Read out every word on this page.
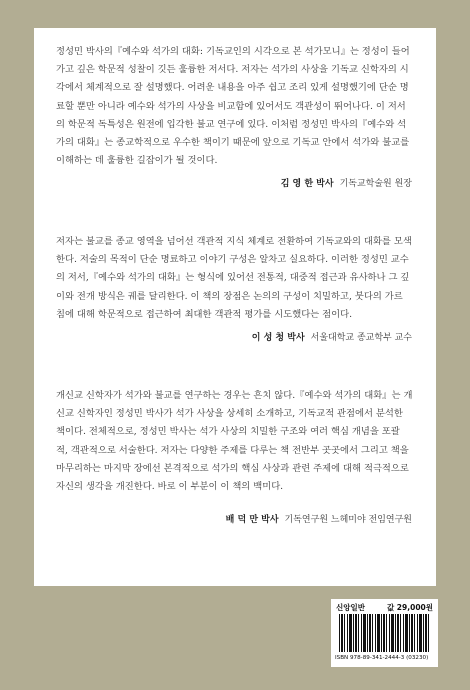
정성민 박사의『예수와 석가의 대화: 기독교인의 시각으로 본 석가모니』는 정성이 들어
가고 깊은 학문적 성찰이 깃든 훌륭한 저서다. 저자는 석가의 사상을 기독교 신학자의 시
각에서 체계적으로 잘 설명했다. 어려운 내용을 아주 쉽고 조리 있게 설명했기에 단순 명
료할 뿐만 아니라 예수와 석가의 사상을 비교함에 있어서도 객관성이 뛰어나다. 이 저서
의 학문적 독특성은 원전에 입각한 불교 연구에 있다. 이처럼 정성민 박사의『예수와 석
가의 대화』는 종교학적으로 우수한 책이기 때문에 앞으로 기독교 안에서 석가와 불교를
이해하는 데 훌륭한 길잡이가 될 것이다.

김 영 한 박사 기독교학술원 원장

저자는 불교를 종교 영역을 넘어선 객관적 지식 체계로 전환하여 기독교와의 대화를 모색
한다. 저술의 목적이 단순 명료하고 이야기 구성은 알차고 실요하다. 이러한 정성민 교수
의 저서,『예수와 석가의 대화』는 형식에 있어선 전통적, 대중적 접근과 유사하나 그 깊
이와 전개 방식은 궤를 달리한다. 이 책의 장점은 논의의 구성이 치밀하고, 붓다의 가르
침에 대해 학문적으로 접근하여 최대한 객관적 평가를 시도했다는 점이다.

이 성 청 박사 서울대학교 종교학부 교수

개신교 신학자가 석가와 불교를 연구하는 경우는 흔치 않다.『예수와 석가의 대화』는 개
신교 신학자인 정성민 박사가 석가 사상을 상세히 소개하고, 기독교적 관점에서 분석한
책이다. 전체적으로, 정성민 박사는 석가 사상의 치밀한 구조와 여러 핵심 개념을 포괄
적, 객관적으로 서술한다. 저자는 다양한 주제를 다루는 책 전반부 곳곳에서 그리고 책을
마무리하는 마지막 장에선 본격적으로 석가의 핵심 사상과 관련 주제에 대해 적극적으로
자신의 생각을 개진한다. 바로 이 부분이 이 책의 백미다.

배 덕 만 박사 기독연구원 느헤미야 전임연구원
신앙일반	값 29,000원
ISBN 978-89-341-2444-3 (03230)
